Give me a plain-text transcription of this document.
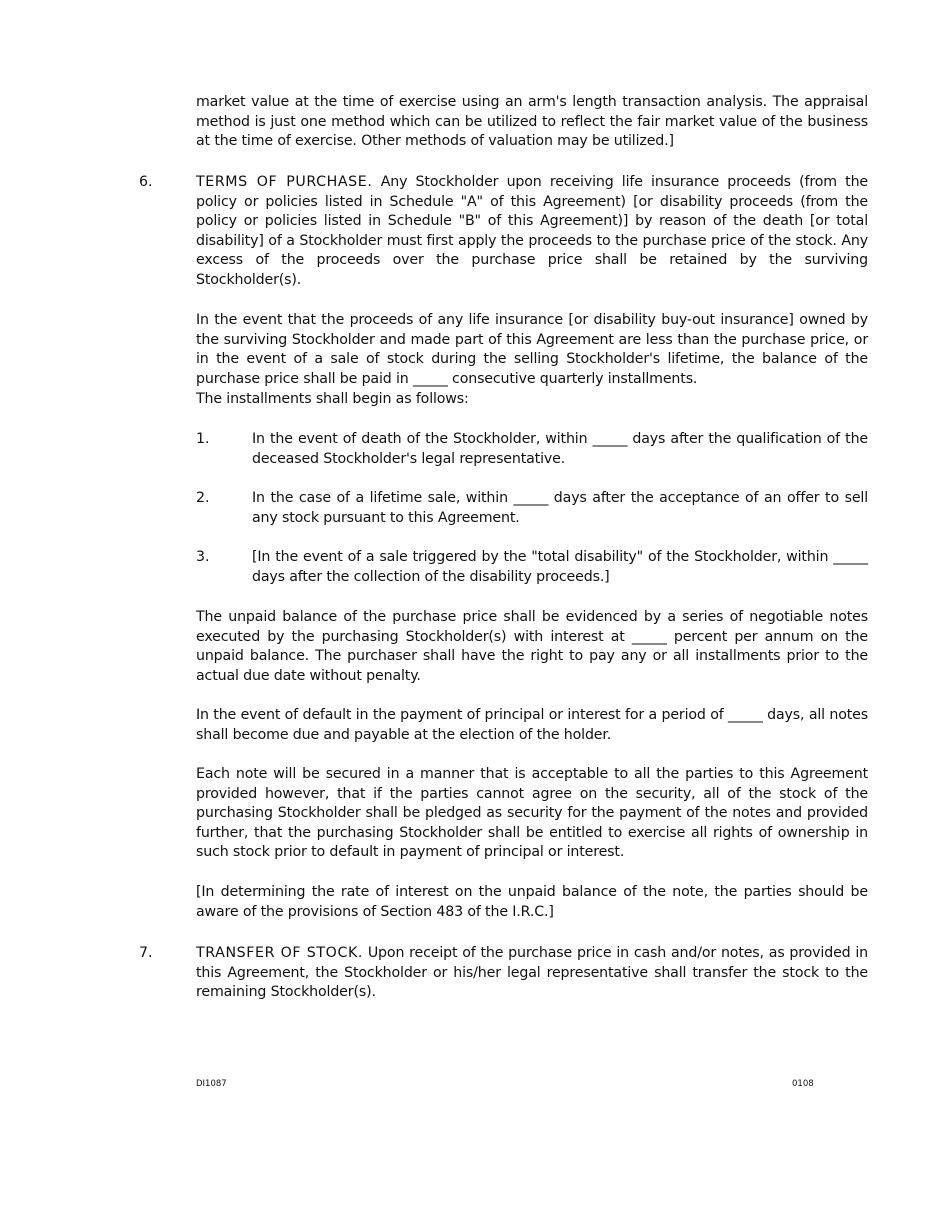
market value at the time of exercise using an arm's length transaction analysis. The appraisal method is just one method which can be utilized to reflect the fair market value of the business at the time of exercise. Other methods of valuation may be utilized.]

6.	TERMS OF PURCHASE. Any Stockholder upon receiving life insurance proceeds (from the policy or policies listed in Schedule "A" of this Agreement) [or disability proceeds (from the policy or policies listed in Schedule "B" of this Agreement)] by reason of the death [or total disability] of a Stockholder must first apply the proceeds to the purchase price of the stock. Any excess of the proceeds over the purchase price shall be retained by the surviving Stockholder(s).

In the event that the proceeds of any life insurance [or disability buy-out insurance] owned by the surviving Stockholder and made part of this Agreement are less than the purchase price, or in the event of a sale of stock during the selling Stockholder's lifetime, the balance of the purchase price shall be paid in _____ consecutive quarterly installments.

The installments shall begin as follows:

1.	In the event of death of the Stockholder, within _____ days after the qualification of the deceased Stockholder's legal representative.
2.	In the case of a lifetime sale, within _____ days after the acceptance of an offer to sell any stock pursuant to this Agreement.
3.	[In the event of a sale triggered by the "total disability" of the Stockholder, within _____ days after the collection of the disability proceeds.]

The unpaid balance of the purchase price shall be evidenced by a series of negotiable notes executed by the purchasing Stockholder(s) with interest at _____ percent per annum on the unpaid balance. The purchaser shall have the right to pay any or all installments prior to the actual due date without penalty.

In the event of default in the payment of principal or interest for a period of _____ days, all notes shall become due and payable at the election of the holder.

Each note will be secured in a manner that is acceptable to all the parties to this Agreement provided however, that if the parties cannot agree on the security, all of the stock of the purchasing Stockholder shall be pledged as security for the payment of the notes and provided further, that the purchasing Stockholder shall be entitled to exercise all rights of ownership in such stock prior to default in payment of principal or interest.

[In determining the rate of interest on the unpaid balance of the note, the parties should be aware of the provisions of Section 483 of the I.R.C.]

7.	TRANSFER OF STOCK. Upon receipt of the purchase price in cash and/or notes, as provided in this Agreement, the Stockholder or his/her legal representative shall transfer the stock to the remaining Stockholder(s).

DI1087	0108
